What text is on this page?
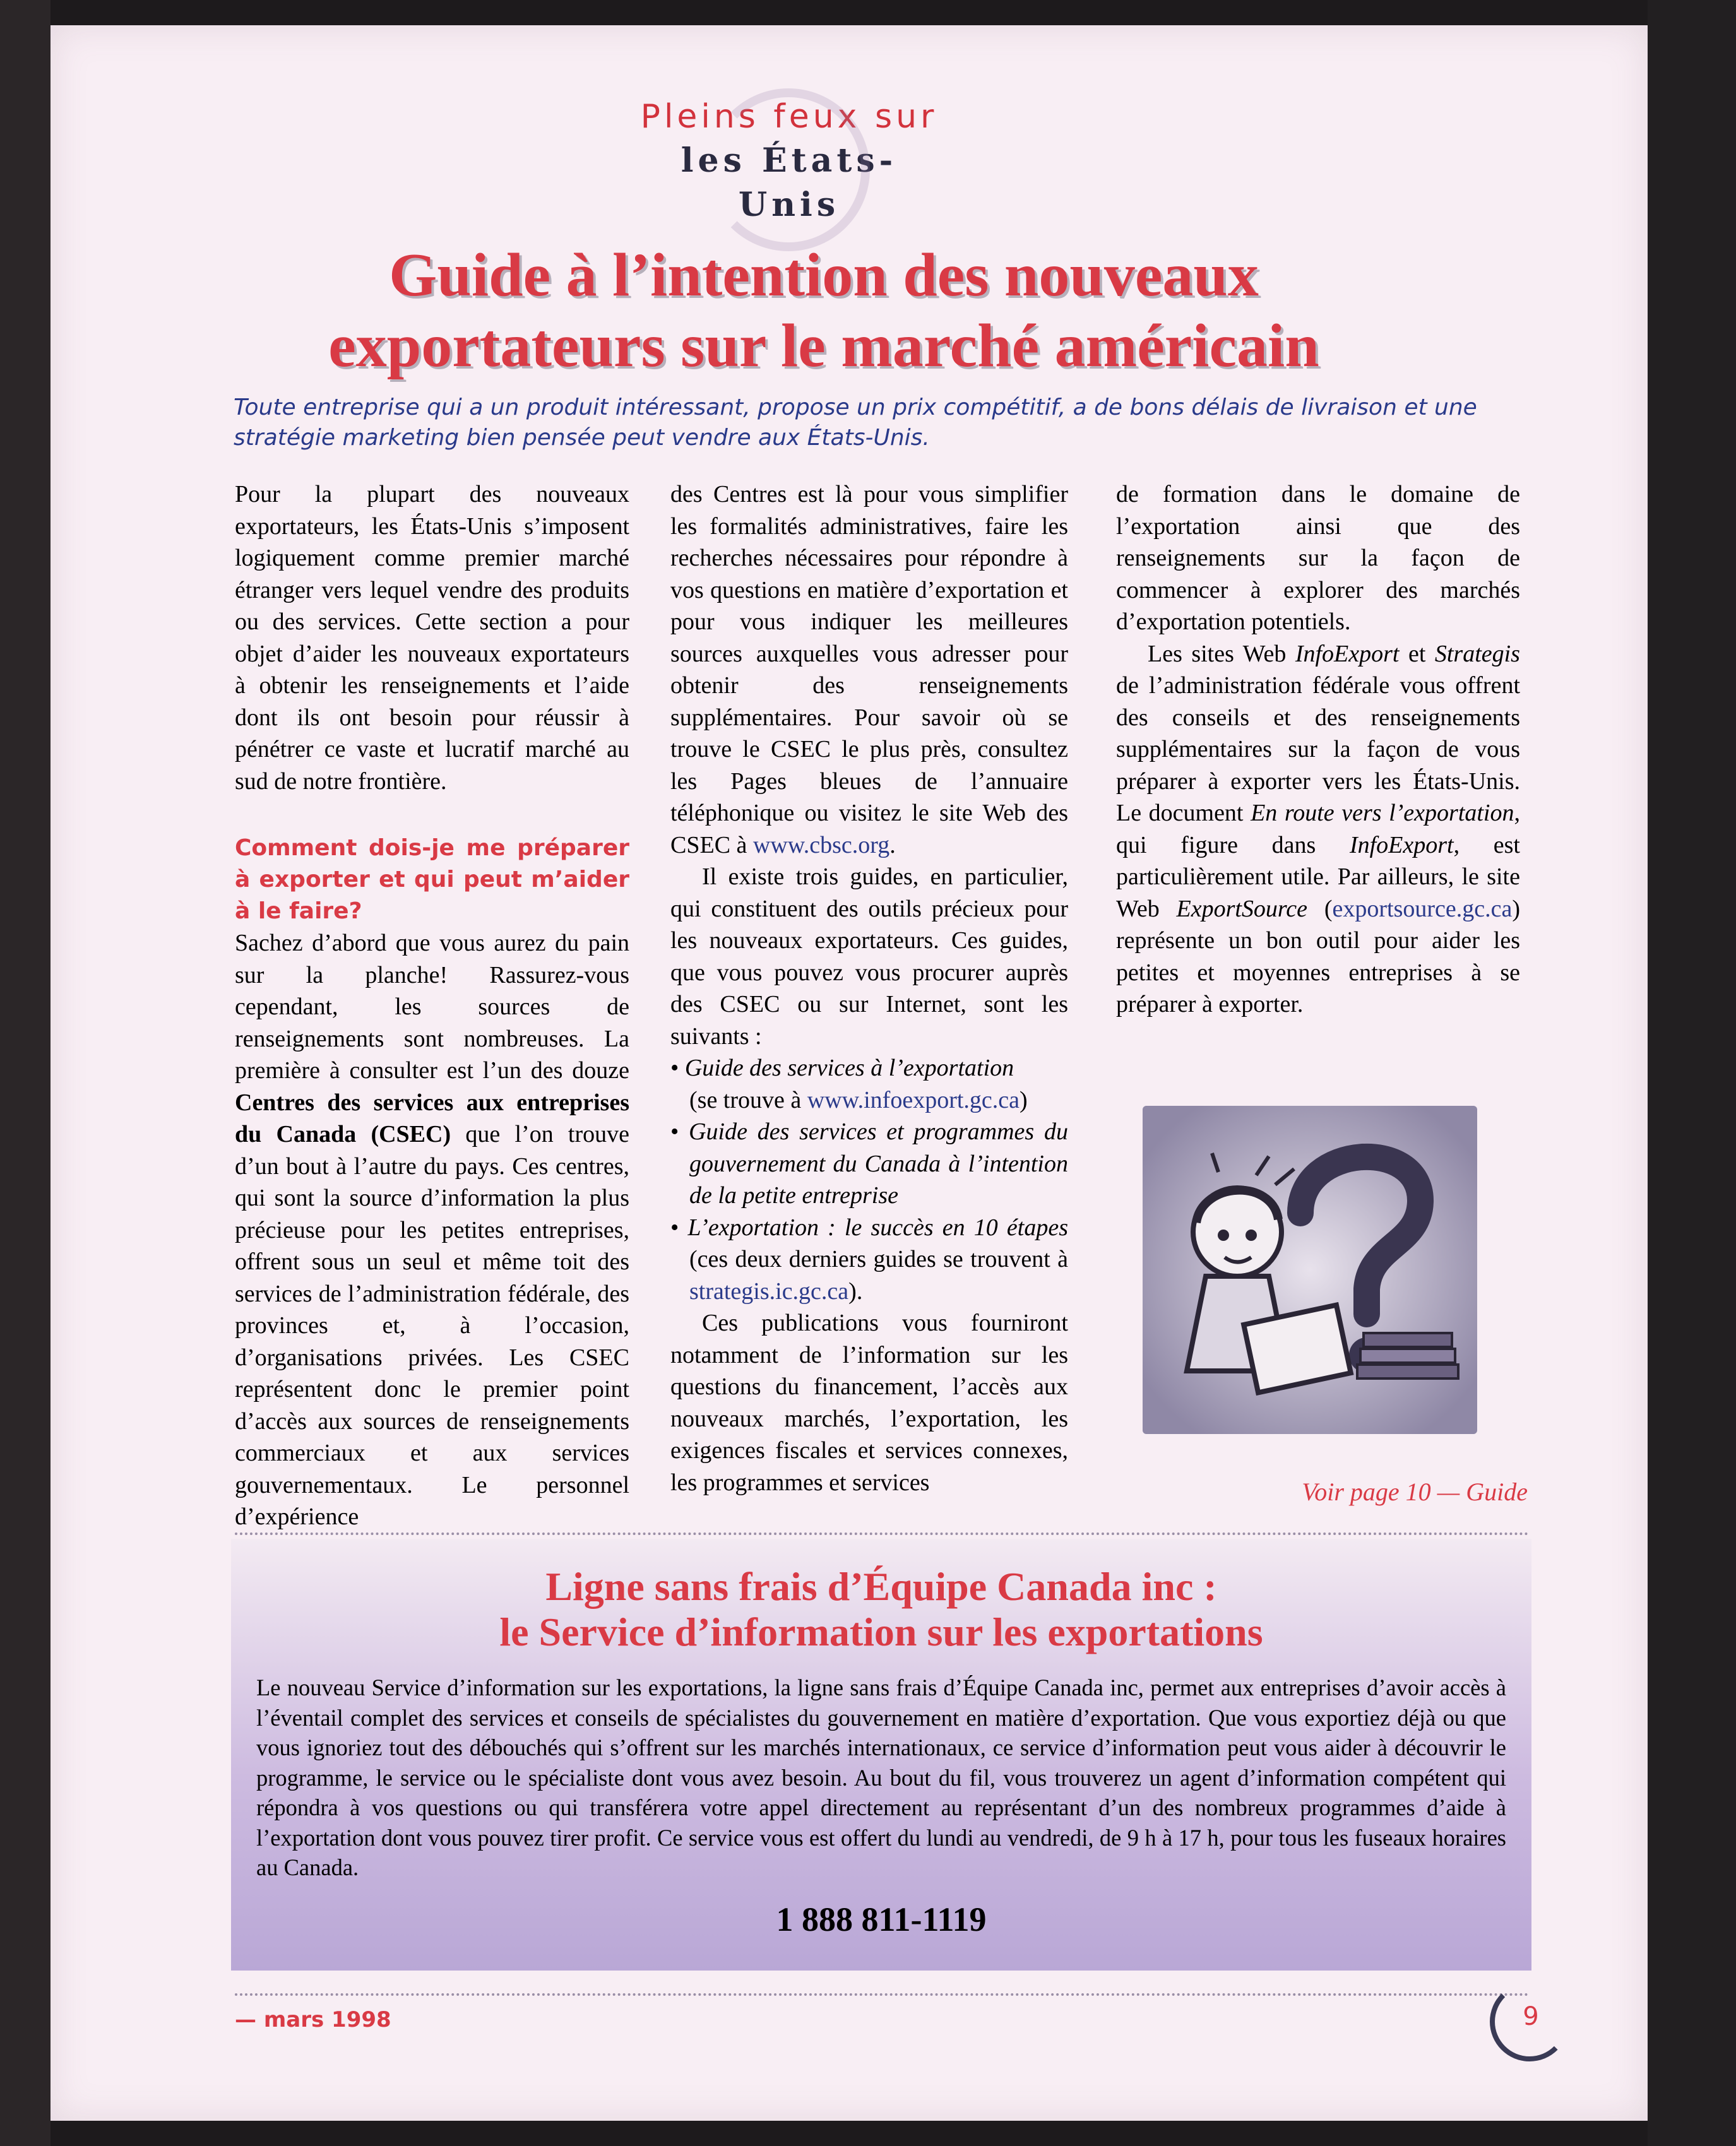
Pleins feux sur
les États-Unis
Guide à l’intention des nouveaux
exportateurs sur le marché américain
Toute entreprise qui a un produit intéressant, propose un prix compétitif, a de bons délais de livraison et une stratégie marketing bien pensée peut vendre aux États-Unis.

Pour la plupart des nouveaux exportateurs, les États-Unis s’imposent logiquement comme premier marché étranger vers lequel vendre des produits ou des services. Cette section a pour objet d’aider les nouveaux exportateurs à obtenir les renseignements et l’aide dont ils ont besoin pour réussir à pénétrer ce vaste et lucratif marché au sud de notre frontière.

Comment dois-je me préparer à exporter et qui peut m’aider à le faire?

Sachez d’abord que vous aurez du pain sur la planche! Rassurez-vous cependant, les sources de renseignements sont nombreuses. La première à consulter est l’un des douze Centres des services aux entreprises du Canada (CSEC) que l’on trouve d’un bout à l’autre du pays. Ces centres, qui sont la source d’information la plus précieuse pour les petites entreprises, offrent sous un seul et même toit des services de l’administration fédérale, des provinces et, à l’occasion, d’organisations privées. Les CSEC représentent donc le premier point d’accès aux sources de renseignements commerciaux et aux services gouvernementaux. Le personnel d’expérience

des Centres est là pour vous simplifier les formalités administratives, faire les recherches nécessaires pour répondre à vos questions en matière d’exportation et pour vous indiquer les meilleures sources auxquelles vous adresser pour obtenir des renseignements supplémentaires. Pour savoir où se trouve le CSEC le plus près, consultez les Pages bleues de l’annuaire téléphonique ou visitez le site Web des CSEC à www.cbsc.org.

Il existe trois guides, en particulier, qui constituent des outils précieux pour les nouveaux exportateurs. Ces guides, que vous pouvez vous procurer auprès des CSEC ou sur Internet, sont les suivants :

• Guide des services à l’exportation
(se trouve à www.infoexport.gc.ca)

• Guide des services et programmes du gouvernement du Canada à l’intention de la petite entreprise

• L’exportation : le succès en 10 étapes (ces deux derniers guides se trouvent à strategis.ic.gc.ca).

Ces publications vous fourniront notamment de l’information sur les questions du financement, l’accès aux nouveaux marchés, l’exportation, les exigences fiscales et services connexes, les programmes et services

de formation dans le domaine de l’exportation ainsi que des renseignements sur la façon de commencer à explorer des marchés d’exportation potentiels.

Les sites Web InfoExport et Strategis de l’administration fédérale vous offrent des conseils et des renseignements supplémentaires sur la façon de vous préparer à exporter vers les États-Unis. Le document En route vers l’exportation, qui figure dans InfoExport, est particulièrement utile. Par ailleurs, le site Web ExportSource (exportsource.gc.ca) représente un bon outil pour aider les petites et moyennes entreprises à se préparer à exporter.

Voir page 10 — Guide
Ligne sans frais d’Équipe Canada inc :
le Service d’information sur les exportations
Le nouveau Service d’information sur les exportations, la ligne sans frais d’Équipe Canada inc, permet aux entreprises d’avoir accès à l’éventail complet des services et conseils de spécialistes du gouvernement en matière d’exportation. Que vous exportiez déjà ou que vous ignoriez tout des débouchés qui s’offrent sur les marchés internationaux, ce service d’information peut vous aider à découvrir le programme, le service ou le spécialiste dont vous avez besoin. Au bout du fil, vous trouverez un agent d’information compétent qui répondra à vos questions ou qui transférera votre appel directement au représentant d’un des nombreux programmes d’aide à l’exportation dont vous pouvez tirer profit. Ce service vous est offert du lundi au vendredi, de 9 h à 17 h, pour tous les fuseaux horaires au Canada.
1 888 811-1119
— mars 1998	9
